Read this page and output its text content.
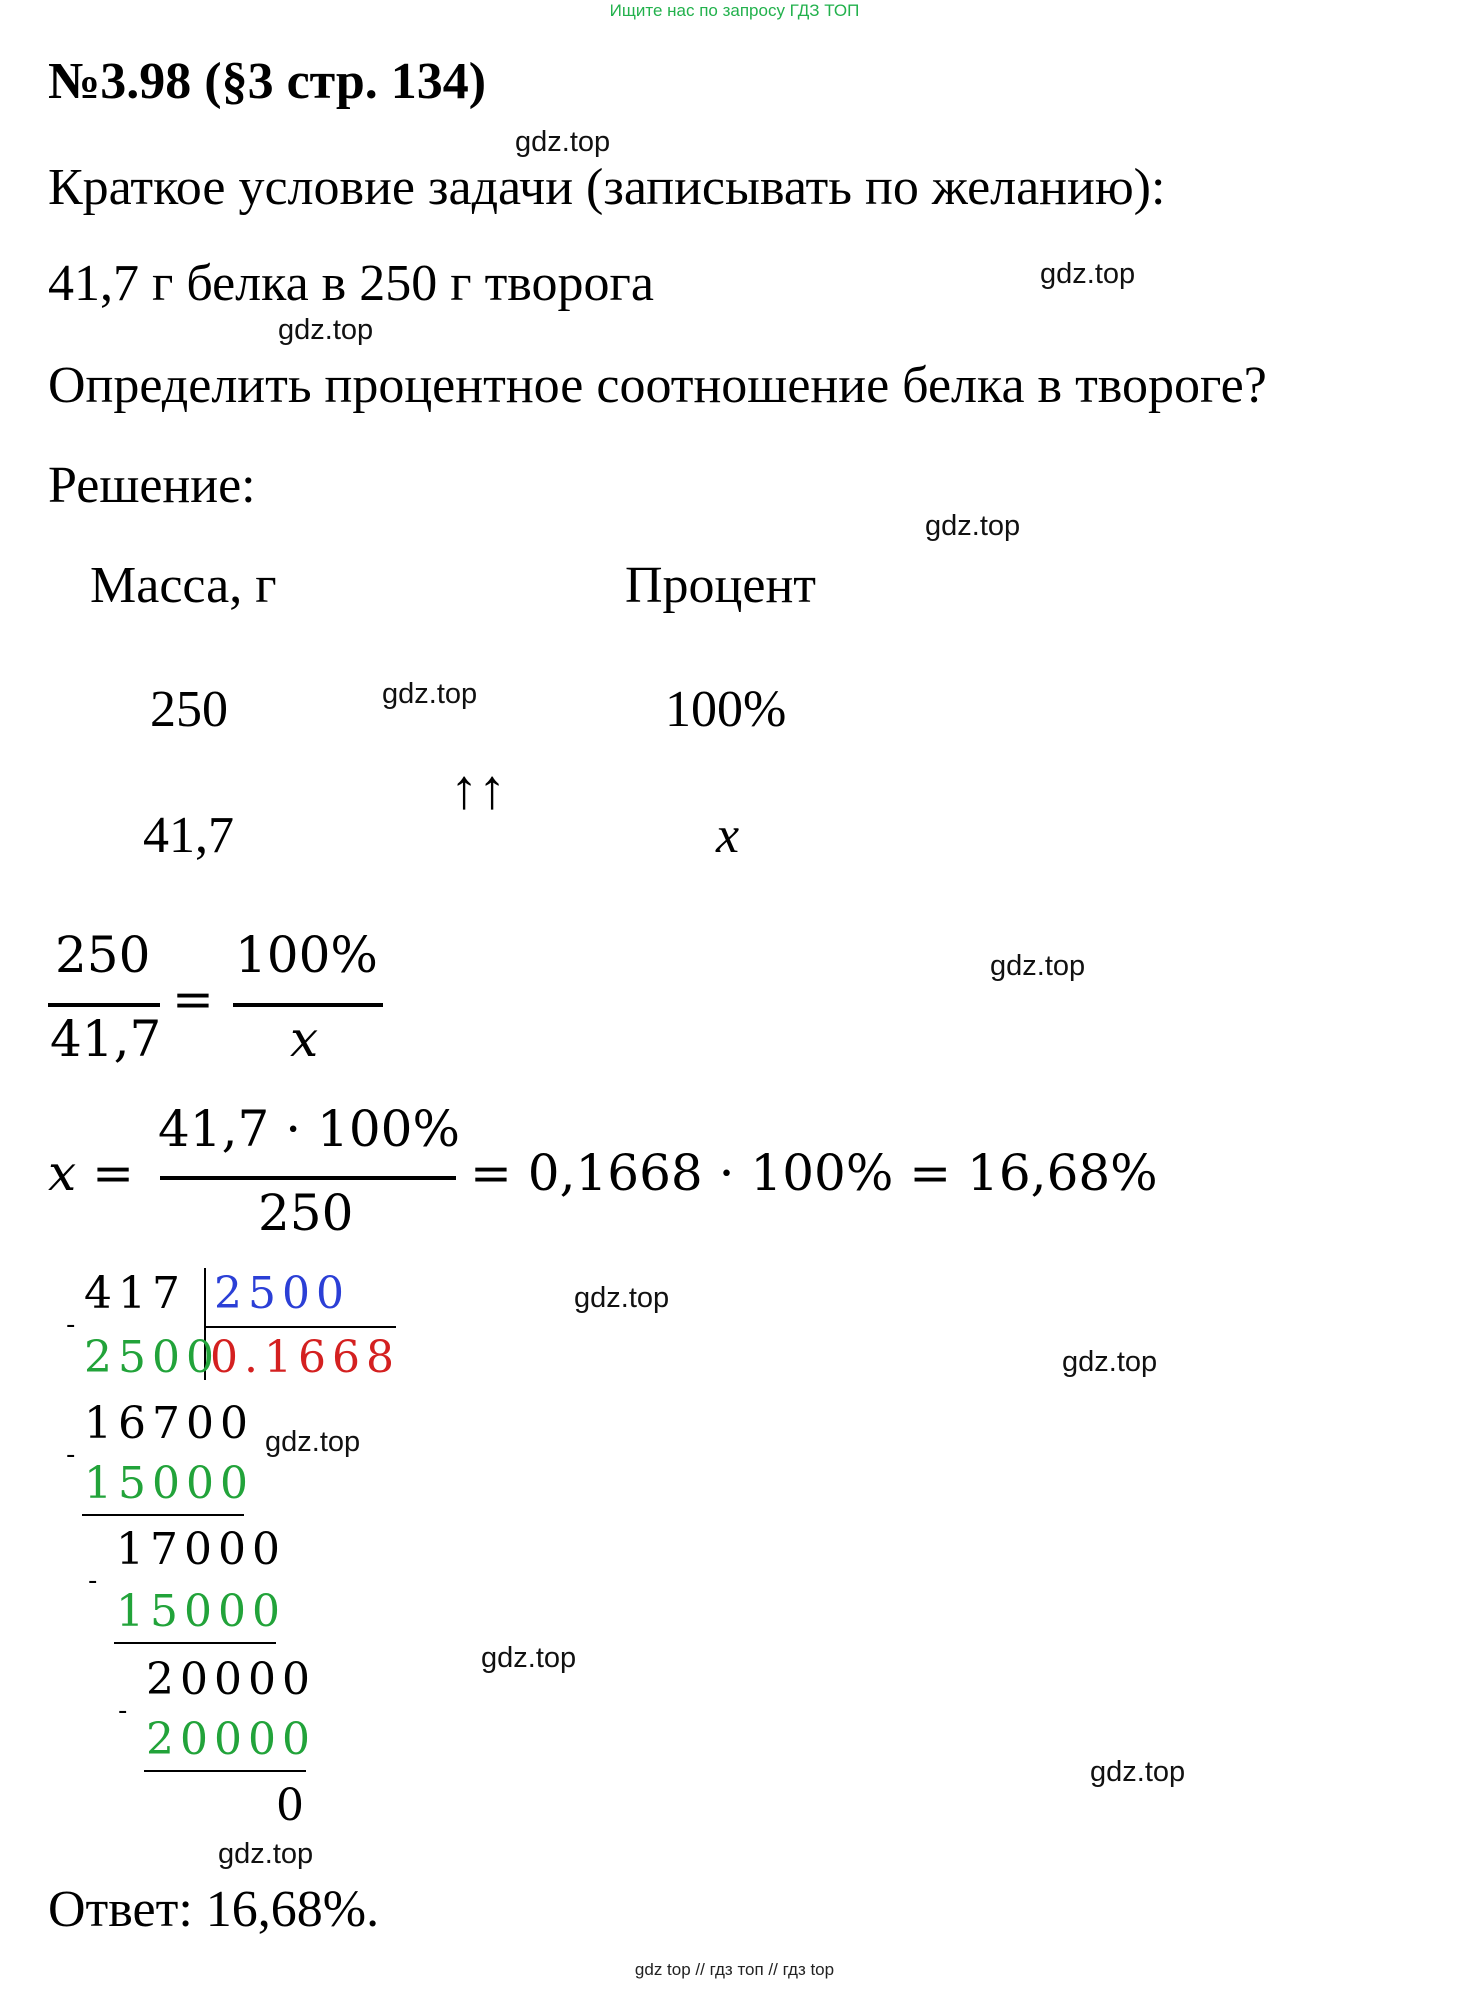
Ищите нас по запросу ГДЗ ТОП
№3.98 (§3 стр. 134)
Краткое условие задачи (записывать по желанию):
41,7 г белка в 250 г творога
Определить процентное соотношение белка в твороге?
Решение:
Масса, г	Процент
250	100%
↑↑
41,7	x
250
41,7
=
100%
x
x =
41,7 · 100%
250
= 0,1668 · 100% = 16,68%
417 2500
0.1668
-
2500
16700
-
15000
17000
-
15000
20000
-
20000
0
Ответ: 16,68%.
gdz.top
gdz.top
gdz.top
gdz.top
gdz.top
gdz.top
gdz.top
gdz.top
gdz.top
gdz.top
gdz.top
gdz.top
gdz top // гдз топ // гдз top
